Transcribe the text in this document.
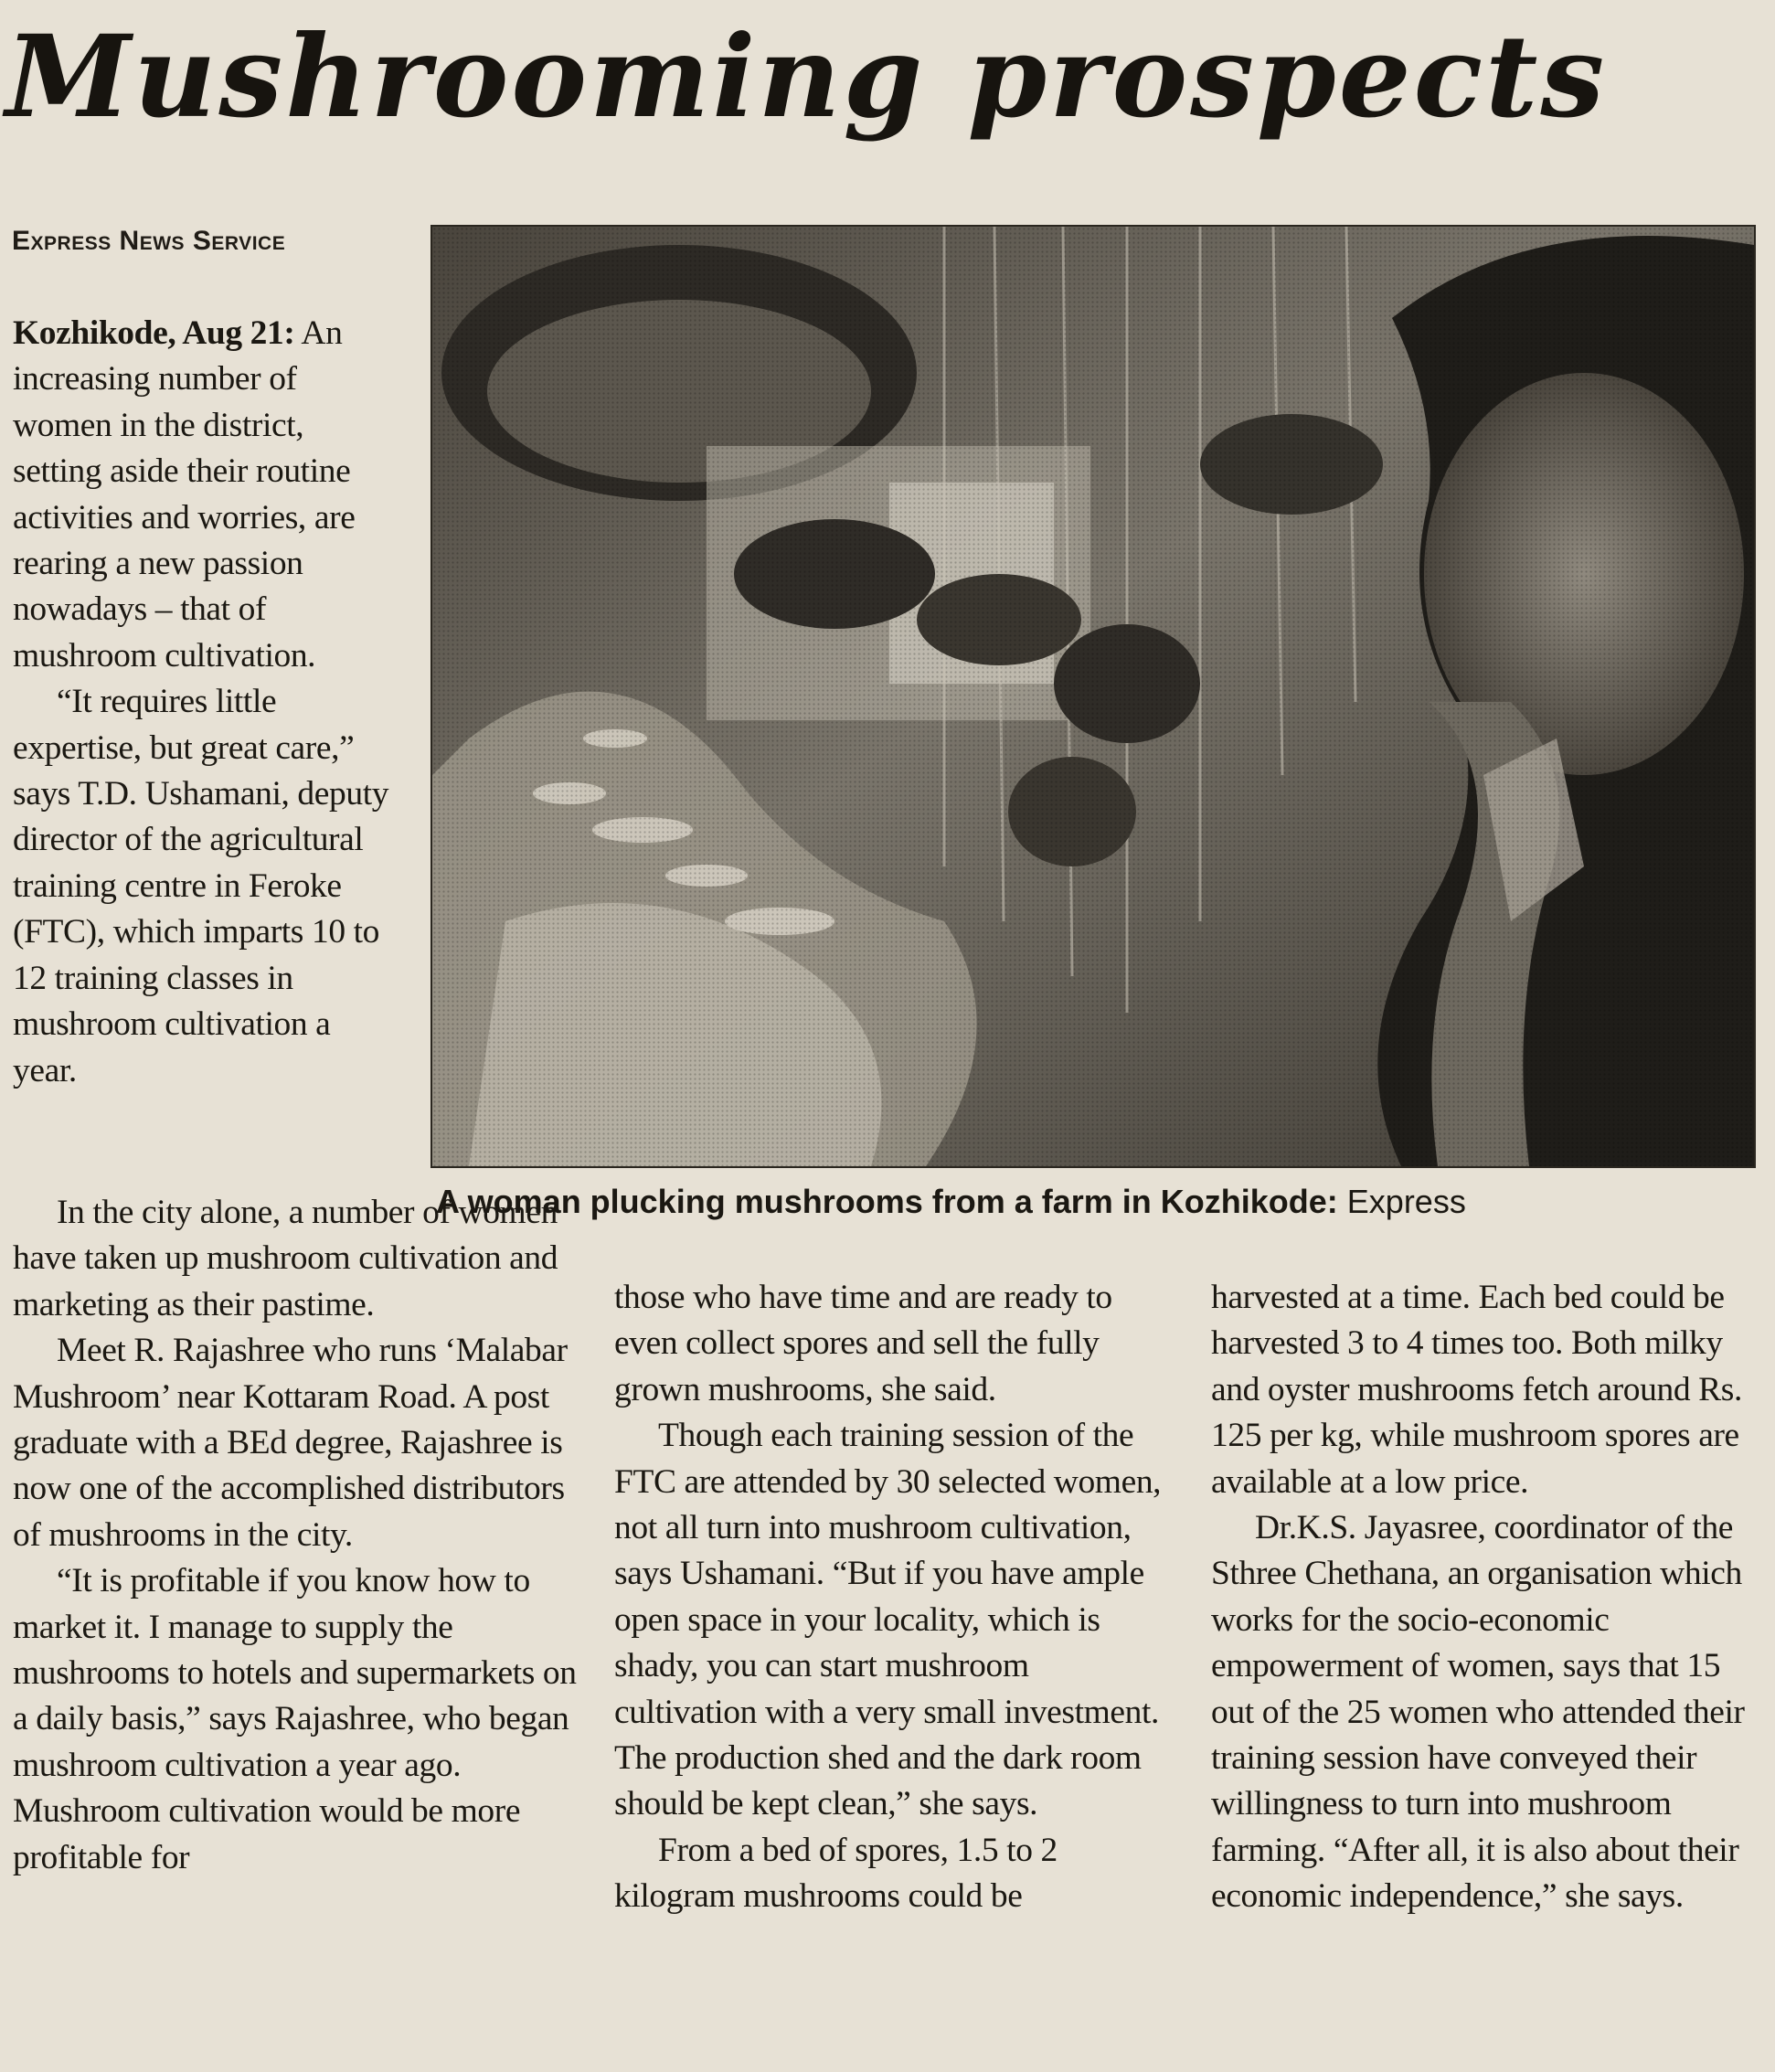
Mushrooming prospects
Express News Service

Kozhikode, Aug 21: An increasing number of women in the district, setting aside their routine activities and worries, are rearing a new passion nowadays – that of mushroom cultivation.

“It requires little expertise, but great care,” says T.D. Ushamani, deputy director of the agricultural training centre in Feroke (FTC), which imparts 10 to 12 training classes in mushroom cultivation a year.

A woman plucking mushrooms from a farm in Kozhikode: Express

In the city alone, a number of women have taken up mushroom cultivation and marketing as their pastime.

Meet R. Rajashree who runs ‘Malabar Mushroom’ near Kottaram Road. A post graduate with a BEd degree, Rajashree is now one of the accomplished distributors of mushrooms in the city.

“It is profitable if you know how to market it. I manage to supply the mushrooms to hotels and supermarkets on a daily basis,” says Rajashree, who began mushroom cultivation a year ago. Mushroom cultivation would be more profitable for

those who have time and are ready to even collect spores and sell the fully grown mushrooms, she said.

Though each training session of the FTC are attended by 30 selected women, not all turn into mushroom cultivation, says Ushamani. “But if you have ample open space in your locality, which is shady, you can start mushroom cultivation with a very small investment. The production shed and the dark room should be kept clean,” she says.

From a bed of spores, 1.5 to 2 kilogram mushrooms could be

harvested at a time. Each bed could be harvested 3 to 4 times too. Both milky and oyster mushrooms fetch around Rs. 125 per kg, while mushroom spores are available at a low price.

Dr.K.S. Jayasree, coordinator of the Sthree Chethana, an organisation which works for the socio-economic empowerment of women, says that 15 out of the 25 women who attended their training session have conveyed their willingness to turn into mushroom farming. “After all, it is also about their economic independence,” she says.
